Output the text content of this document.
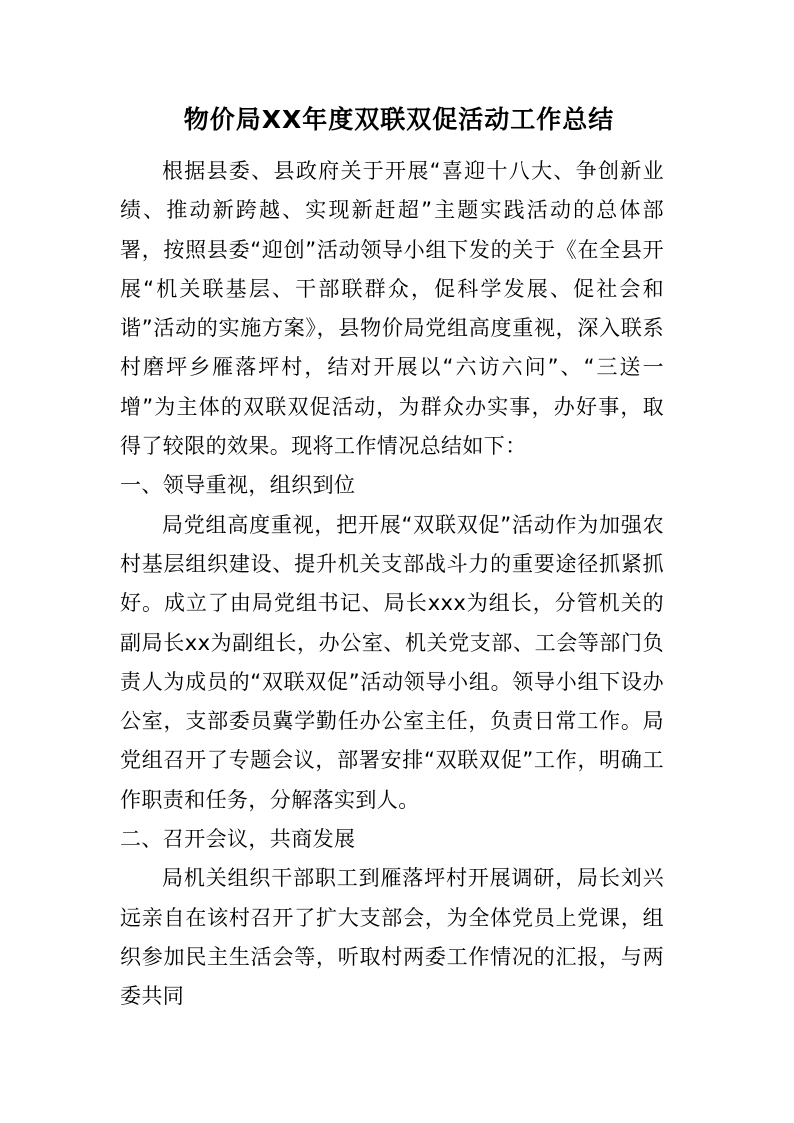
物价局XX年度双联双促活动工作总结

根据县委、县政府关于开展“喜迎十八大、争创新业绩、推动新跨越、实现新赶超”主题实践活动的总体部署，按照县委“迎创”活动领导小组下发的关于《在全县开展“机关联基层、干部联群众，促科学发展、促社会和谐”活动的实施方案》，县物价局党组高度重视，深入联系村磨坪乡雁落坪村，结对开展以“六访六问”、“三送一增”为主体的双联双促活动，为群众办实事，办好事，取得了较限的效果。现将工作情况总结如下：

一、领导重视，组织到位

局党组高度重视，把开展“双联双促”活动作为加强农村基层组织建设、提升机关支部战斗力的重要途径抓紧抓好。成立了由局党组书记、局长xxx为组长，分管机关的副局长xx为副组长，办公室、机关党支部、工会等部门负责人为成员的“双联双促”活动领导小组。领导小组下设办公室，支部委员冀学勤任办公室主任，负责日常工作。局党组召开了专题会议，部署安排“双联双促”工作，明确工作职责和任务，分解落实到人。

二、召开会议，共商发展

局机关组织干部职工到雁落坪村开展调研，局长刘兴远亲自在该村召开了扩大支部会，为全体党员上党课，组织参加民主生活会等，听取村两委工作情况的汇报，与两委共同
